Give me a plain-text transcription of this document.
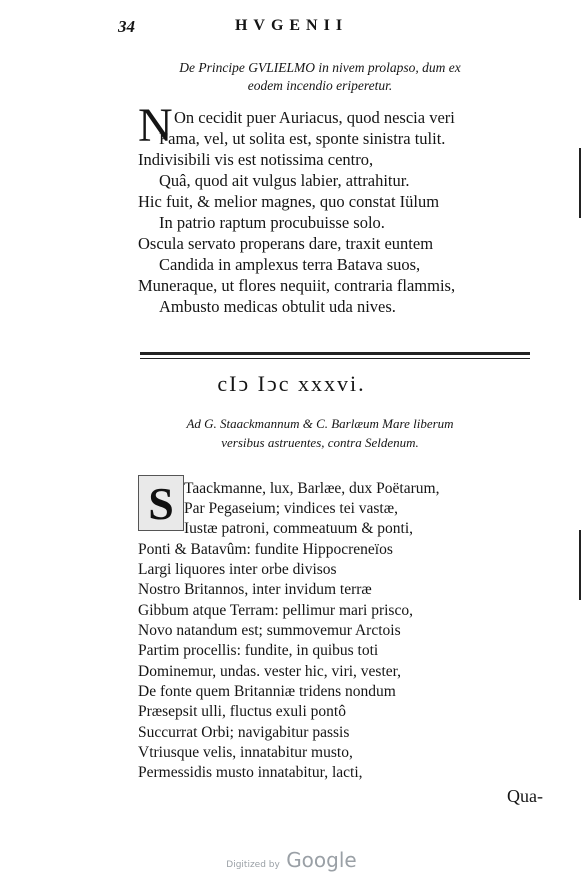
34	HVGENII
De Principe GVLIELMO in nivem prolapso, dum ex
eodem incendio eriperetur.
N On cecidit puer Auriacus, quod nescia veri
Fama, vel, ut solita est, sponte sinistra tulit.
Indivisibili vis est notissima centro,
Quâ, quod ait vulgus labier, attrahitur.
Hic fuit, & melior magnes, quo constat Iülum
In patrio raptum procubuisse solo.
Oscula servato properans dare, traxit euntem
Candida in amplexus terra Batava suos,
Muneraque, ut flores nequiit, contraria flammis,
Ambusto medicas obtulit uda nives.
cIↄ Iↄc xxxvi.
Ad G. Staackmannum & C. Barlæum Mare liberum
versibus astruentes, contra Seldenum.
S Taackmanne, lux, Barlæe, dux Poëtarum,
Par Pegaseium; vindices tei vastæ,
Iustæ patroni, commeatuum & ponti,
Ponti & Batavûm: fundite Hippocreneïos
Largi liquores inter orbe divisos
Nostro Britannos, inter invidum terræ
Gibbum atque Terram: pellimur mari prisco,
Novo natandum est; summovemur Arctois
Partim procellis: fundite, in quibus toti
Dominemur, undas. vester hic, viri, vester,
De fonte quem Britanniæ tridens nondum
Præsepsit ulli, fluctus exuli pontô
Succurrat Orbi; navigabitur passis
Vtriusque velis, innatabitur musto,
Permessidis musto innatabitur, lacti,
Qua-
Digitized by Google
